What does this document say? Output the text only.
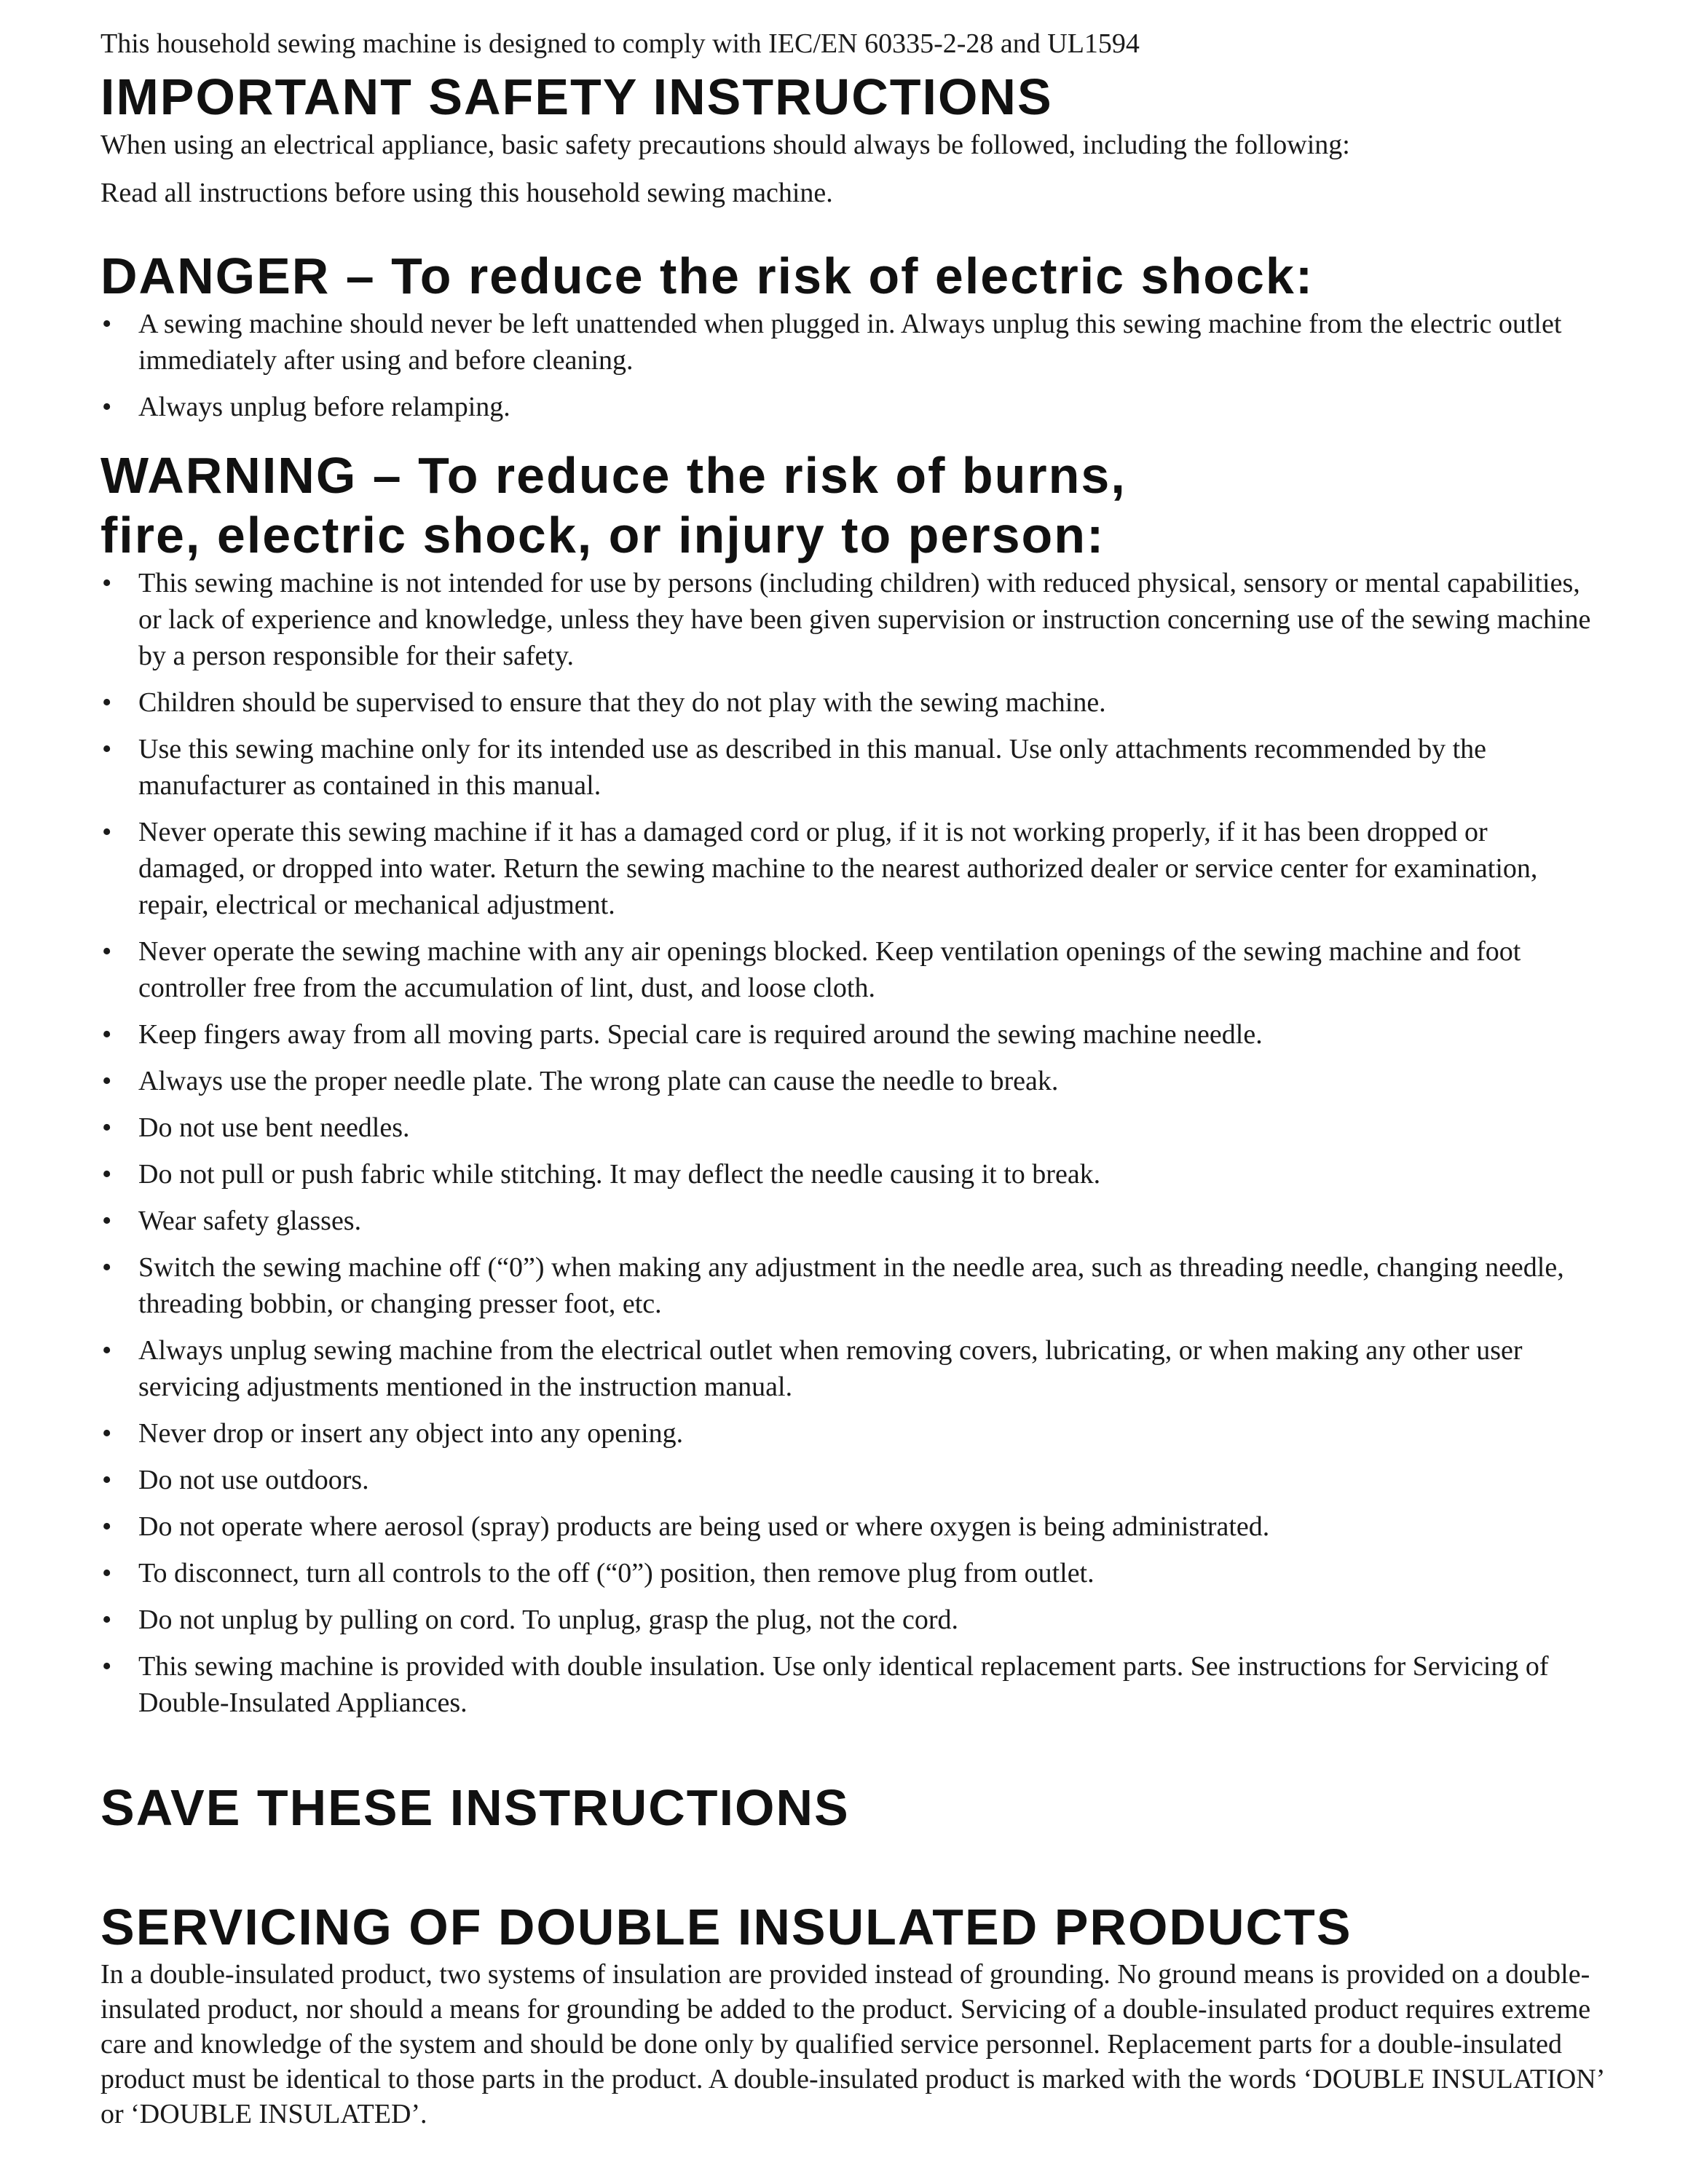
This household sewing machine is designed to comply with IEC/EN 60335-2-28 and UL1594

IMPORTANT SAFETY INSTRUCTIONS

When using an electrical appliance, basic safety precautions should always be followed, including the following:

Read all instructions before using this household sewing machine.

DANGER – To reduce the risk of electric shock:
• A sewing machine should never be left unattended when plugged in. Always unplug this sewing machine from the electric outlet immediately after using and before cleaning.
• Always unplug before relamping.
WARNING – To reduce the risk of burns,
fire, electric shock, or injury to person:
• This sewing machine is not intended for use by persons (including children) with reduced physical, sensory or mental capabilities, or lack of experience and knowledge, unless they have been given supervision or instruction concerning use of the sewing machine by a person responsible for their safety.
• Children should be supervised to ensure that they do not play with the sewing machine.
• Use this sewing machine only for its intended use as described in this manual. Use only attachments recommended by the manufacturer as contained in this manual.
• Never operate this sewing machine if it has a damaged cord or plug, if it is not working properly, if it has been dropped or damaged, or dropped into water. Return the sewing machine to the nearest authorized dealer or service center for examination, repair, electrical or mechanical adjustment.
• Never operate the sewing machine with any air openings blocked. Keep ventilation openings of the sewing machine and foot controller free from the accumulation of lint, dust, and loose cloth.
• Keep fingers away from all moving parts. Special care is required around the sewing machine needle.
• Always use the proper needle plate. The wrong plate can cause the needle to break.
• Do not use bent needles.
• Do not pull or push fabric while stitching. It may deflect the needle causing it to break.
• Wear safety glasses.
• Switch the sewing machine off (“0”) when making any adjustment in the needle area, such as threading needle, changing needle, threading bobbin, or changing presser foot, etc.
• Always unplug sewing machine from the electrical outlet when removing covers, lubricating, or when making any other user servicing adjustments mentioned in the instruction manual.
• Never drop or insert any object into any opening.
• Do not use outdoors.
• Do not operate where aerosol (spray) products are being used or where oxygen is being administrated.
• To disconnect, turn all controls to the off (“0”) position, then remove plug from outlet.
• Do not unplug by pulling on cord. To unplug, grasp the plug, not the cord.
• This sewing machine is provided with double insulation. Use only identical replacement parts. See instructions for Servicing of Double-Insulated Appliances.
SAVE THESE INSTRUCTIONS
SERVICING OF DOUBLE INSULATED PRODUCTS

In a double-insulated product, two systems of insulation are provided instead of grounding. No ground means is provided on a double-insulated product, nor should a means for grounding be added to the product. Servicing of a double-insulated product requires extreme care and knowledge of the system and should be done only by qualified service personnel. Replacement parts for a double-insulated product must be identical to those parts in the product. A double-insulated product is marked with the words ‘DOUBLE INSULATION’ or ‘DOUBLE INSULATED’.
